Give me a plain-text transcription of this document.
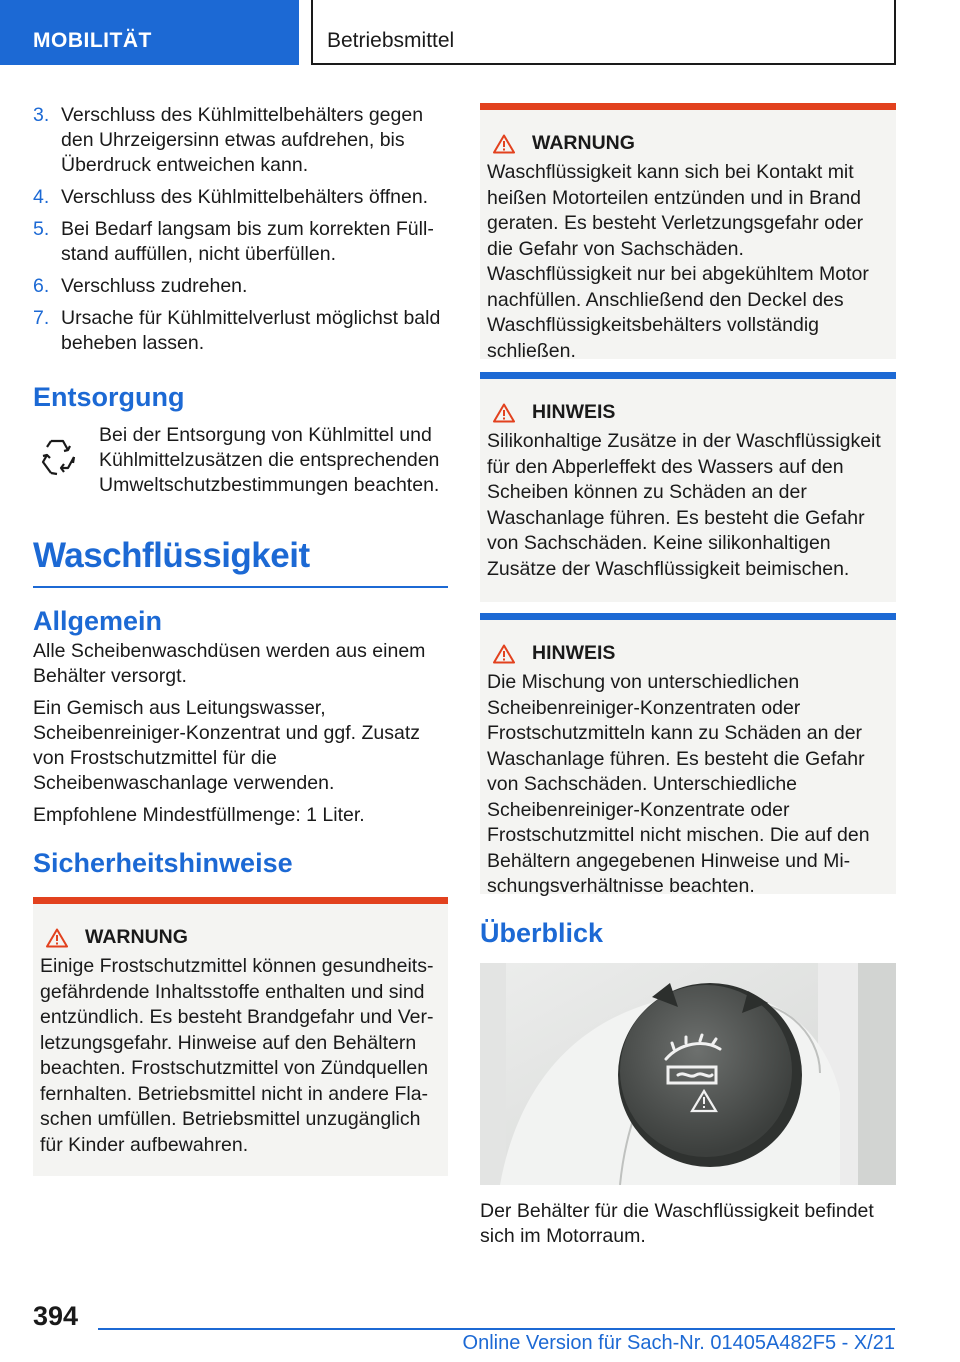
MOBILITÄT	Betriebsmittel
3. Verschluss des Kühlmittelbehälters gegen den Uhrzeigersinn etwas aufdrehen, bis Überdruck entweichen kann.
4. Verschluss des Kühlmittelbehälters öffnen.
5. Bei Bedarf langsam bis zum korrekten Füllstand auffüllen, nicht überfüllen.
6. Verschluss zudrehen.
7. Ursache für Kühlmittelverlust möglichst bald beheben lassen.
Entsorgung

Bei der Entsorgung von Kühlmittel und Kühlmittelzusätzen die entsprechenden Umweltschutzbestimmungen beachten.

Waschflüssigkeit
Allgemein

Alle Scheibenwaschdüsen werden aus einem Behälter versorgt.

Ein Gemisch aus Leitungswasser, Scheibenreiniger-Konzentrat und ggf. Zusatz von Frostschutzmittel für die Scheibenwaschanlage verwenden.

Empfohlene Mindestfüllmenge: 1 Liter.

Sicherheitshinweise
WARNUNG

Einige Frostschutzmittel können gesundheitsgefährdende Inhaltsstoffe enthalten und sind entzündlich. Es besteht Brandgefahr und Verletzungsgefahr. Hinweise auf den Behältern beachten. Frostschutzmittel von Zündquellen fernhalten. Betriebsmittel nicht in andere Flaschen umfüllen. Betriebsmittel unzugänglich für Kinder aufbewahren.

WARNUNG

Waschflüssigkeit kann sich bei Kontakt mit heißen Motorteilen entzünden und in Brand geraten. Es besteht Verletzungsgefahr oder die Gefahr von Sachschäden. Waschflüssigkeit nur bei abgekühltem Motor nachfüllen. Anschließend den Deckel des Waschflüssigkeitsbehälters vollständig schließen.

HINWEIS

Silikonhaltige Zusätze in der Waschflüssigkeit für den Abperleffekt des Wassers auf den Scheiben können zu Schäden an der Waschanlage führen. Es besteht die Gefahr von Sachschäden. Keine silikonhaltigen Zusätze der Waschflüssigkeit beimischen.

HINWEIS

Die Mischung von unterschiedlichen Scheibenreiniger-Konzentraten oder Frostschutzmitteln kann zu Schäden an der Waschanlage führen. Es besteht die Gefahr von Sachschäden. Unterschiedliche Scheibenreiniger-Konzentrate oder Frostschutzmittel nicht mischen. Die auf den Behältern angegebenen Hinweise und Mischungsverhältnisse beachten.

Überblick

Der Behälter für die Waschflüssigkeit befindet sich im Motorraum.

394
Online Version für Sach-Nr. 01405A482F5 - X/21
